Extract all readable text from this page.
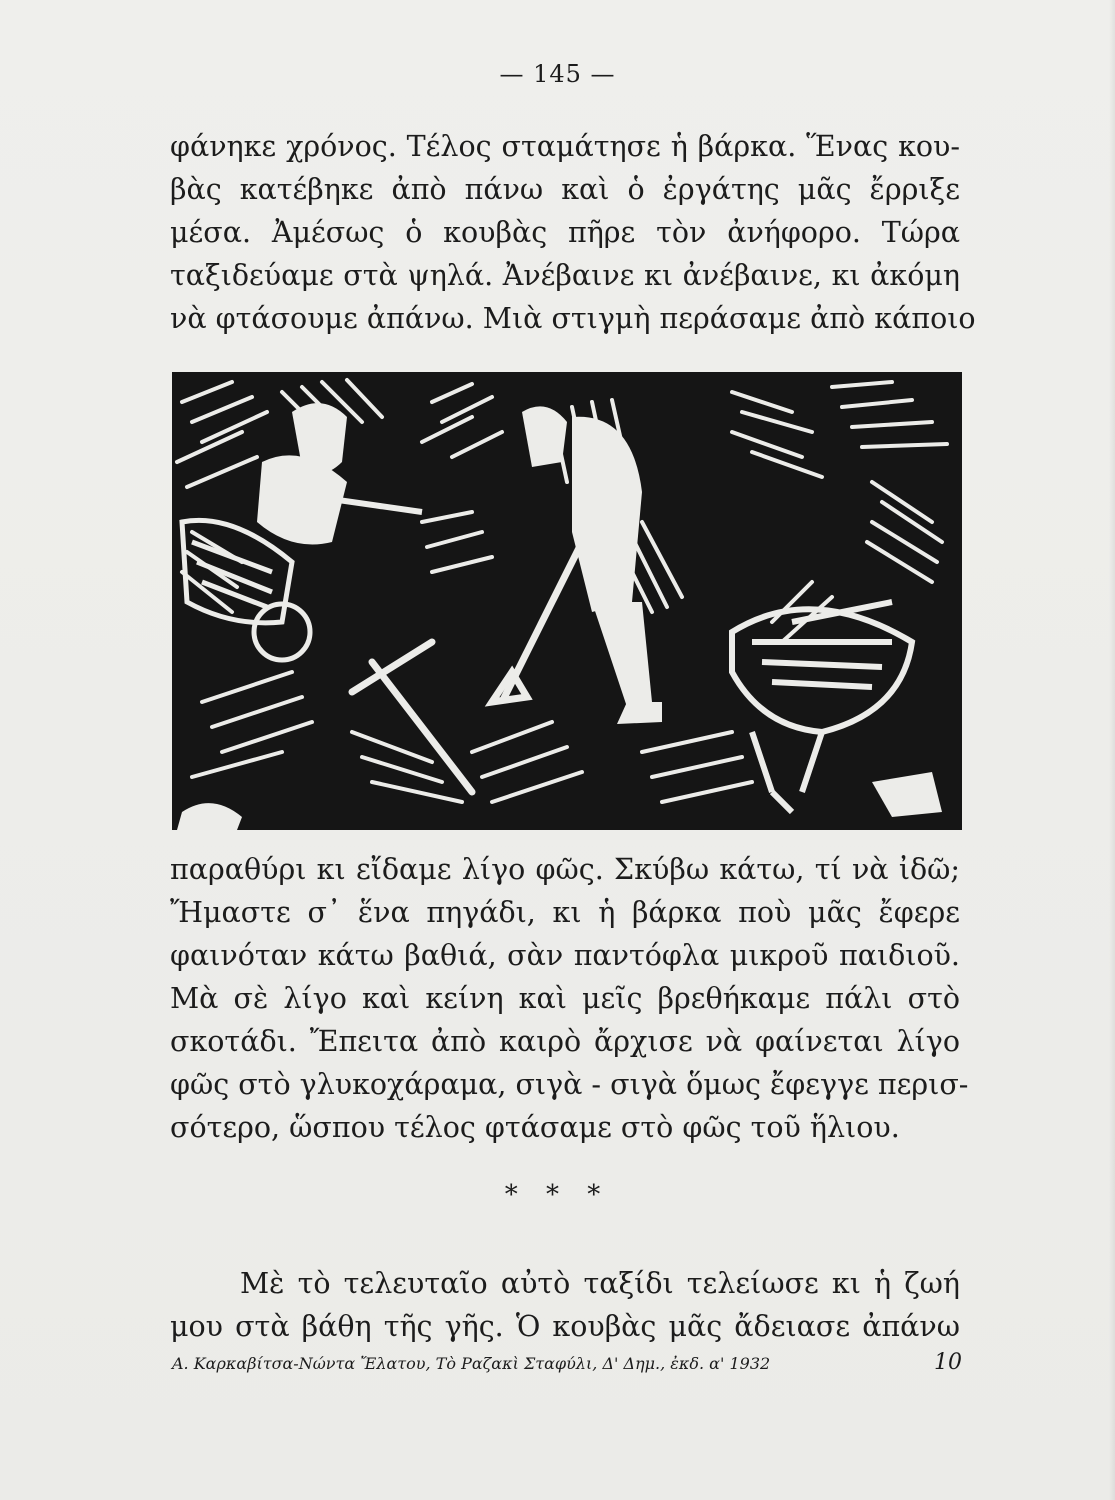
— 145 —
φάνηκε χρόνος. Τέλος σταμάτησε ἡ βάρκα. Ἕνας κου-
βὰς κατέβηκε ἀπὸ πάνω καὶ ὁ ἐργάτης μᾶς ἔρριξε
μέσα. Ἀμέσως ὁ κουβὰς πῆρε τὸν ἀνήφορο. Τώρα
ταξιδεύαμε στὰ ψηλά. Ἀνέβαινε κι ἀνέβαινε, κι ἀκόμη
νὰ φτάσουμε ἀπάνω. Μιὰ στιγμὴ περάσαμε ἀπὸ κάποιο
παραθύρι κι εἴδαμε λίγο φῶς. Σκύβω κάτω, τί νὰ ἰδῶ;
Ἤμαστε σ᾽ ἕνα πηγάδι, κι ἡ βάρκα ποὺ μᾶς ἔφερε
φαινόταν κάτω βαθιά, σὰν παντόφλα μικροῦ παιδιοῦ.
Μὰ σὲ λίγο καὶ κείνη καὶ μεῖς βρεθήκαμε πάλι στὸ
σκοτάδι. Ἔπειτα ἀπὸ καιρὸ ἄρχισε νὰ φαίνεται λίγο
φῶς στὸ γλυκοχάραμα, σιγὰ - σιγὰ ὅμως ἔφεγγε περισ-
σότερο, ὥσπου τέλος φτάσαμε στὸ φῶς τοῦ ἥλιου.
* * *
Μὲ τὸ τελευταῖο αὐτὸ ταξίδι τελείωσε κι ἡ ζωή
μου στὰ βάθη τῆς γῆς. Ὁ κουβὰς μᾶς ἄδειασε ἀπάνω
Α. Καρκαβίτσα-Νώντα Ἔλατου, Τὸ Ραζακὶ Σταφύλι, Δ' Δημ., ἐκδ. α' 1932	10
